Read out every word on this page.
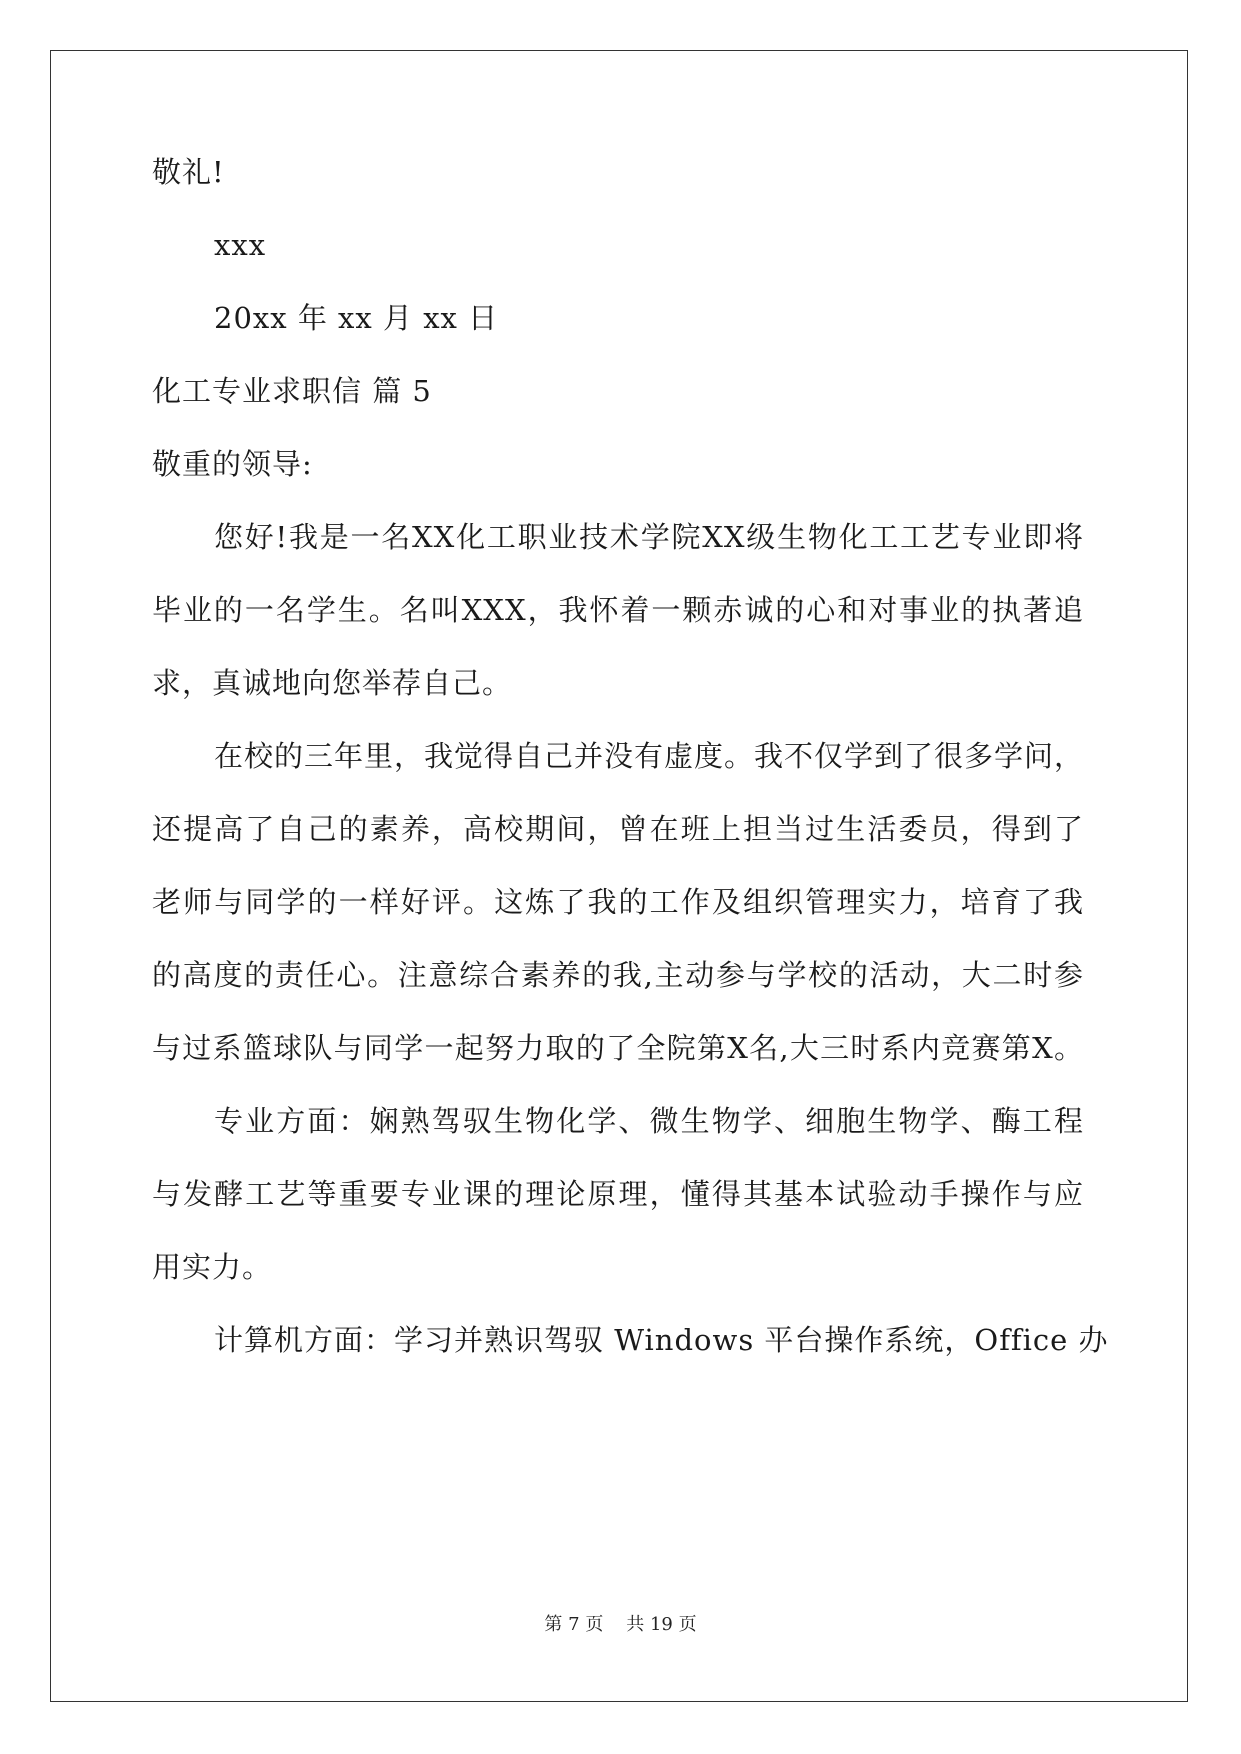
敬礼!
xxx
20xx 年 xx 月 xx 日
化工专业求职信 篇 5
敬重的领导:
您好!我是一名XX化工职业技术学院XX级生物化工工艺专业即将
毕业的一名学生。名叫XXX，我怀着一颗赤诚的心和对事业的执著追
求，真诚地向您举荐自己。
在校的三年里，我觉得自己并没有虚度。我不仅学到了很多学问，
还提高了自己的素养，高校期间，曾在班上担当过生活委员，得到了
老师与同学的一样好评。这炼了我的工作及组织管理实力，培育了我
的高度的责任心。注意综合素养的我,主动参与学校的活动，大二时参
与过系篮球队与同学一起努力取的了全院第X名,大三时系内竞赛第X。
专业方面：娴熟驾驭生物化学、微生物学、细胞生物学、酶工程
与发酵工艺等重要专业课的理论原理，懂得其基本试验动手操作与应
用实力。
计算机方面：学习并熟识驾驭 Windows 平台操作系统，Office 办
第 7 页 共 19 页
